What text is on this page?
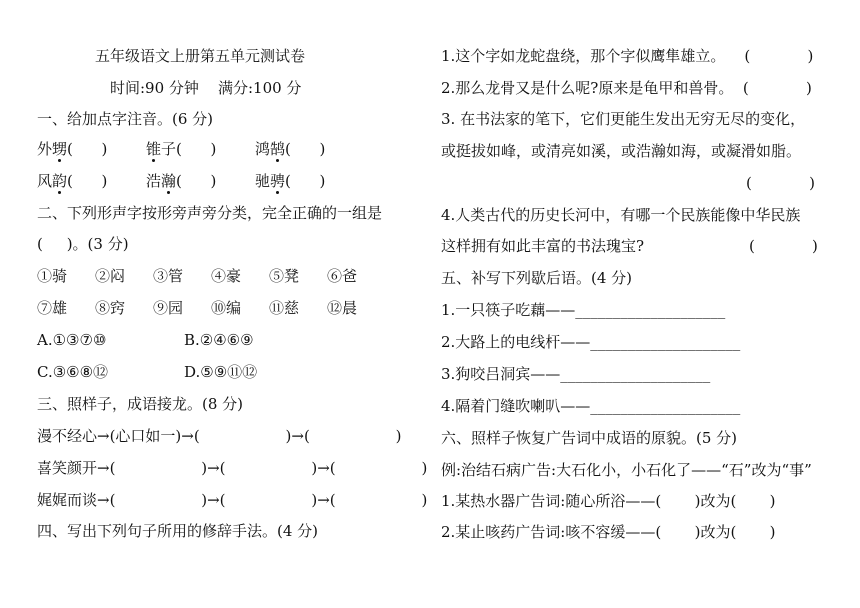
五年级语文上册第五单元测试卷
时间:90 分钟    满分:100 分
一、给加点字注音。(6 分)
外甥(      )	锥子(      )	鸿鹄(      )
风韵(      )	浩瀚(      )	驰骋(      )
二、下列形声字按形旁声旁分类，完全正确的一组是
(     )。(3 分)
①骑 ②闷 ③管 ④豪 ⑤凳 ⑥爸
⑦雄 ⑧窍 ⑨园 ⑩编 ⑪慈 ⑫晨
A.①③⑦⑩	B.②④⑥⑨
C.③⑥⑧⑫	D.⑤⑨⑪⑫
三、照样子，成语接龙。(8 分)
漫不经心→(心口如一)→(                  )→(                  )
喜笑颜开→(                  )→(                  )→(                  )
娓娓而谈→(                  )→(                  )→(                  )
四、写出下列句子所用的修辞手法。(4 分)
1.这个字如龙蛇盘绕，那个字似鹰隼雄立。    (            )
2.那么龙骨又是什么呢?原来是龟甲和兽骨。  (            )
3. 在书法家的笔下，它们更能生发出无穷无尽的变化，
或挺拔如峰，或清亮如溪，或浩瀚如海，或凝滑如脂。
(            )
4.人类古代的历史长河中，有哪一个民族能像中华民族
这样拥有如此丰富的书法瑰宝?                      (            )
五、补写下列歇后语。(4 分)
1.一只筷子吃藕——____________________
2.大路上的电线杆——____________________
3.狗咬吕洞宾——____________________
4.隔着门缝吹喇叭——____________________
六、照样子恢复广告词中成语的原貌。(5 分)
例:治结石病广告:大石化小，小石化了——“石”改为“事”
1.某热水器广告词:随心所浴——(       )改为(       )
2.某止咳药广告词:咳不容缓——(       )改为(       )
